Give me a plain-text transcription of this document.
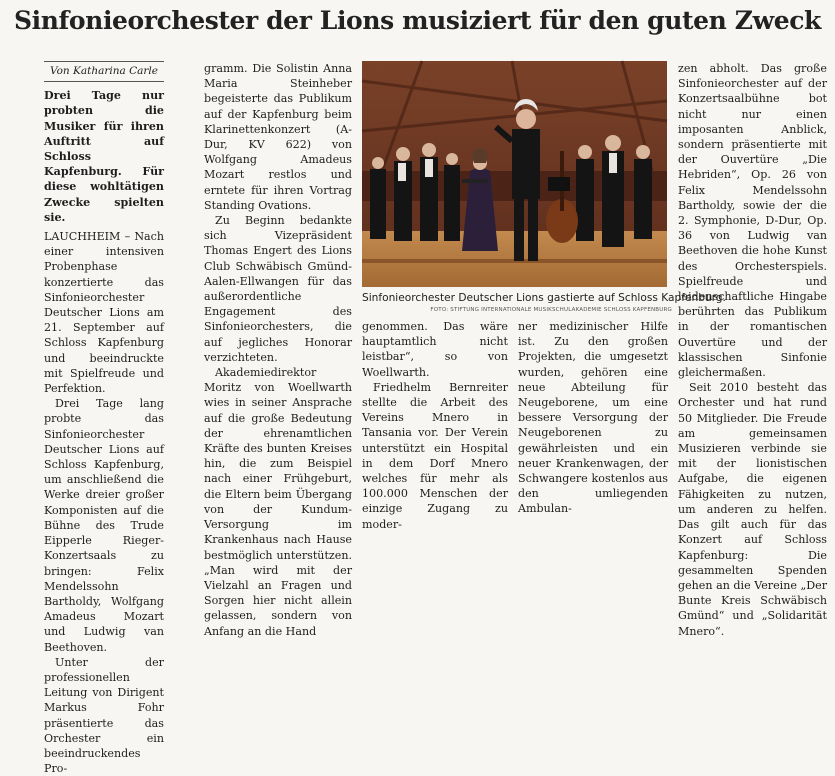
Sinfonieorchester der Lions musiziert für den guten Zweck
Von Katharina Carle

Drei Tage nur probten die Musiker für ihren Auftritt auf Schloss Kapfenburg. Für diese wohltätigen Zwecke spielten sie.

LAUCHHEIM – Nach einer intensiven Probenphase konzertierte das Sinfonieorchester Deutscher Lions am 21. September auf Schloss Kapfenburg und beeindruckte mit Spielfreude und Perfektion.

Drei Tage lang probte das Sinfonieorchester Deutscher Lions auf Schloss Kapfenburg, um anschließend die Werke dreier großer Komponisten auf die Bühne des Trude Eipperle Rieger-Konzertsaals zu bringen: Felix Mendelssohn Bartholdy, Wolfgang Amadeus Mozart und Ludwig van Beethoven.

Unter der professionellen Leitung von Dirigent Markus Fohr präsentierte das Orchester ein beeindruckendes Pro-

gramm. Die Solistin Anna Maria Steinheber begeisterte das Publikum auf der Kapfenburg beim Klarinettenkonzert (A-Dur, KV 622) von Wolfgang Amadeus Mozart restlos und erntete für ihren Vortrag Standing Ovations.

Zu Beginn bedankte sich Vizepräsident Thomas Engert des Lions Club Schwäbisch Gmünd-Aalen-Ellwangen für das außerordentliche Engagement des Sinfonieorchesters, die auf jegliches Honorar verzichteten.

Akademiedirektor Moritz von Woellwarth wies in seiner Ansprache auf die große Bedeutung der ehrenamtlichen Kräfte des bunten Kreises hin, die zum Beispiel nach einer Frühgeburt, die Eltern beim Übergang von der Kundum-Versorgung im Krankenhaus nach Hause bestmöglich unterstützen. „Man wird mit der Vielzahl an Fragen und Sorgen hier nicht allein gelassen, sondern von Anfang an die Hand

Sinfonieorchester Deutscher Lions gastierte auf Schloss Kapfenburg.
FOTO: STIFTUNG INTERNATIONALE MUSIKSCHULAKADEMIE SCHLOSS KAPFENBURG

genommen. Das wäre hauptamtlich nicht leistbar“, so von Woellwarth.

Friedhelm Bernreiter stellte die Arbeit des Vereins Mnero in Tansania vor. Der Verein unterstützt ein Hospital in dem Dorf Mnero welches für mehr als 100.000 Menschen der einzige Zugang zu moder-

ner medizinischer Hilfe ist. Zu den großen Projekten, die umgesetzt wurden, gehören eine neue Abteilung für Neugeborene, um eine bessere Versorgung der Neugeborenen zu gewährleisten und ein neuer Krankenwagen, der Schwangere kostenlos aus den umliegenden Ambulan-

zen abholt. Das große Sinfonieorchester auf der Konzertsaalbühne bot nicht nur einen imposanten Anblick, sondern präsentierte mit der Ouvertüre „Die Hebriden“, Op. 26 von Felix Mendelssohn Bartholdy, sowie der die 2. Symphonie, D-Dur, Op. 36 von Ludwig van Beethoven die hohe Kunst des Orchesterspiels. Spielfreude und leidenschaftliche Hingabe berührten das Publikum in der romantischen Ouvertüre und der klassischen Sinfonie gleichermaßen.

Seit 2010 besteht das Orchester und hat rund 50 Mitglieder. Die Freude am gemeinsamen Musizieren verbinde sie mit der lionistischen Aufgabe, die eigenen Fähigkeiten zu nutzen, um anderen zu helfen. Das gilt auch für das Konzert auf Schloss Kapfenburg: Die gesammelten Spenden gehen an die Vereine „Der Bunte Kreis Schwäbisch Gmünd“ und „Solidarität Mnero“.
